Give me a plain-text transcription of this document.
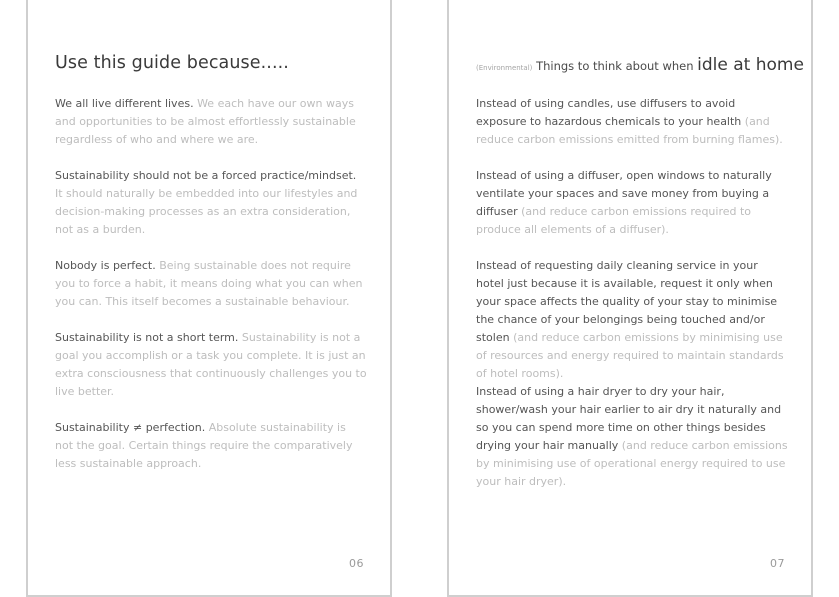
Use this guide because.....

We all live different lives. We each have our own ways and opportunities to be almost effortlessly sustainable regardless of who and where we are.

Sustainability should not be a forced practice/mindset. It should naturally be embedded into our lifestyles and decision-making processes as an extra consideration, not as a burden.

Nobody is perfect. Being sustainable does not require you to force a habit, it means doing what you can when you can. This itself becomes a sustainable behaviour.

Sustainability is not a short term. Sustainability is not a goal you accomplish or a task you complete. It is just an extra consciousness that continuously challenges you to live better.

Sustainability ≠ perfection. Absolute sustainability is not the goal. Certain things require the comparatively less sustainable approach.

06
(Environmental) Things to think about when idle at home

Instead of using candles, use diffusers to avoid exposure to hazardous chemicals to your health (and reduce carbon emissions emitted from burning flames).

Instead of using a diffuser, open windows to naturally ventilate your spaces and save money from buying a diffuser (and reduce carbon emissions required to produce all elements of a diffuser).

Instead of requesting daily cleaning service in your hotel just because it is available, request it only when your space affects the quality of your stay to minimise the chance of your belongings being touched and/or stolen (and reduce carbon emissions by minimising use of resources and energy required to maintain standards of hotel rooms).

Instead of using a hair dryer to dry your hair, shower/wash your hair earlier to air dry it naturally and so you can spend more time on other things besides drying your hair manually (and reduce carbon emissions by minimising use of operational energy required to use your hair dryer).

07
